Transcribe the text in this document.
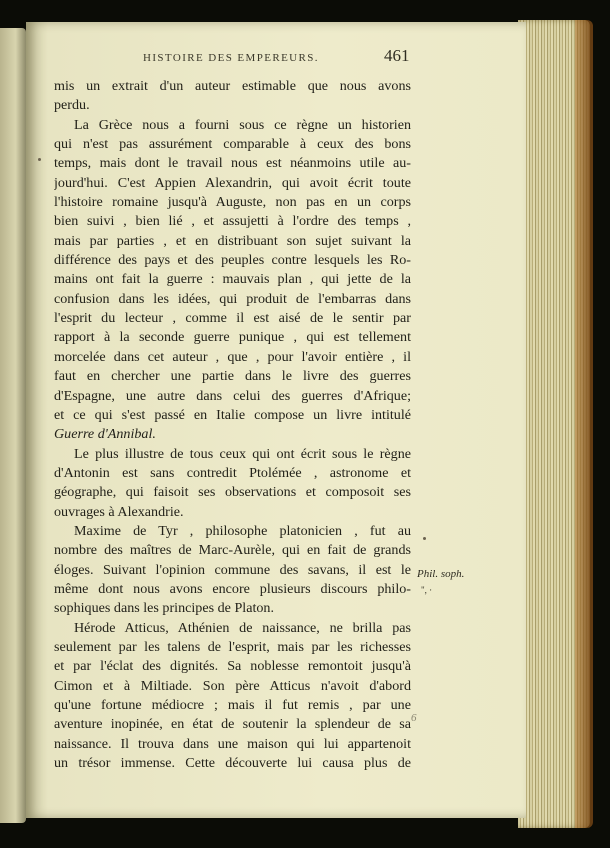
HISTOIRE DES EMPEREURS.	461
mis un extrait d'un auteur estimable que nous avons
perdu.
La Grèce nous a fourni sous ce règne un historien
qui n'est pas assurément comparable à ceux des bons
temps, mais dont le travail nous est néanmoins utile au-
jourd'hui. C'est Appien Alexandrin, qui avoit écrit toute
l'histoire romaine jusqu'à Auguste, non pas en un corps
bien suivi , bien lié , et assujetti à l'ordre des temps ,
mais par parties , et en distribuant son sujet suivant la
différence des pays et des peuples contre lesquels les Ro-
mains ont fait la guerre : mauvais plan , qui jette de la
confusion dans les idées, qui produit de l'embarras dans
l'esprit du lecteur , comme il est aisé de le sentir par
rapport à la seconde guerre punique , qui est tellement
morcelée dans cet auteur , que , pour l'avoir entière , il
faut en chercher une partie dans le livre des guerres
d'Espagne, une autre dans celui des guerres d'Afrique;
et ce qui s'est passé en Italie compose un livre intitulé
Guerre d'Annibal.
Le plus illustre de tous ceux qui ont écrit sous le règne
d'Antonin est sans contredit Ptolémée , astronome et
géographe, qui faisoit ses observations et composoit ses
ouvrages à Alexandrie.
Maxime de Tyr , philosophe platonicien , fut au
nombre des maîtres de Marc-Aurèle, qui en fait de grands
éloges. Suivant l'opinion commune des savans, il est le
même dont nous avons encore plusieurs discours philo-
sophiques dans les principes de Platon.
Hérode Atticus, Athénien de naissance, ne brilla pas
seulement par les talens de l'esprit, mais par les richesses
et par l'éclat des dignités. Sa noblesse remontoit jusqu'à
Cimon et à Miltiade. Son père Atticus n'avoit d'abord
qu'une fortune médiocre ; mais il fut remis , par une
aventure inopinée, en état de soutenir la splendeur de sa
naissance. Il trouva dans une maison qui lui appartenoit
un trésor immense. Cette découverte lui causa plus de
Phil. soph.
", ·
6
